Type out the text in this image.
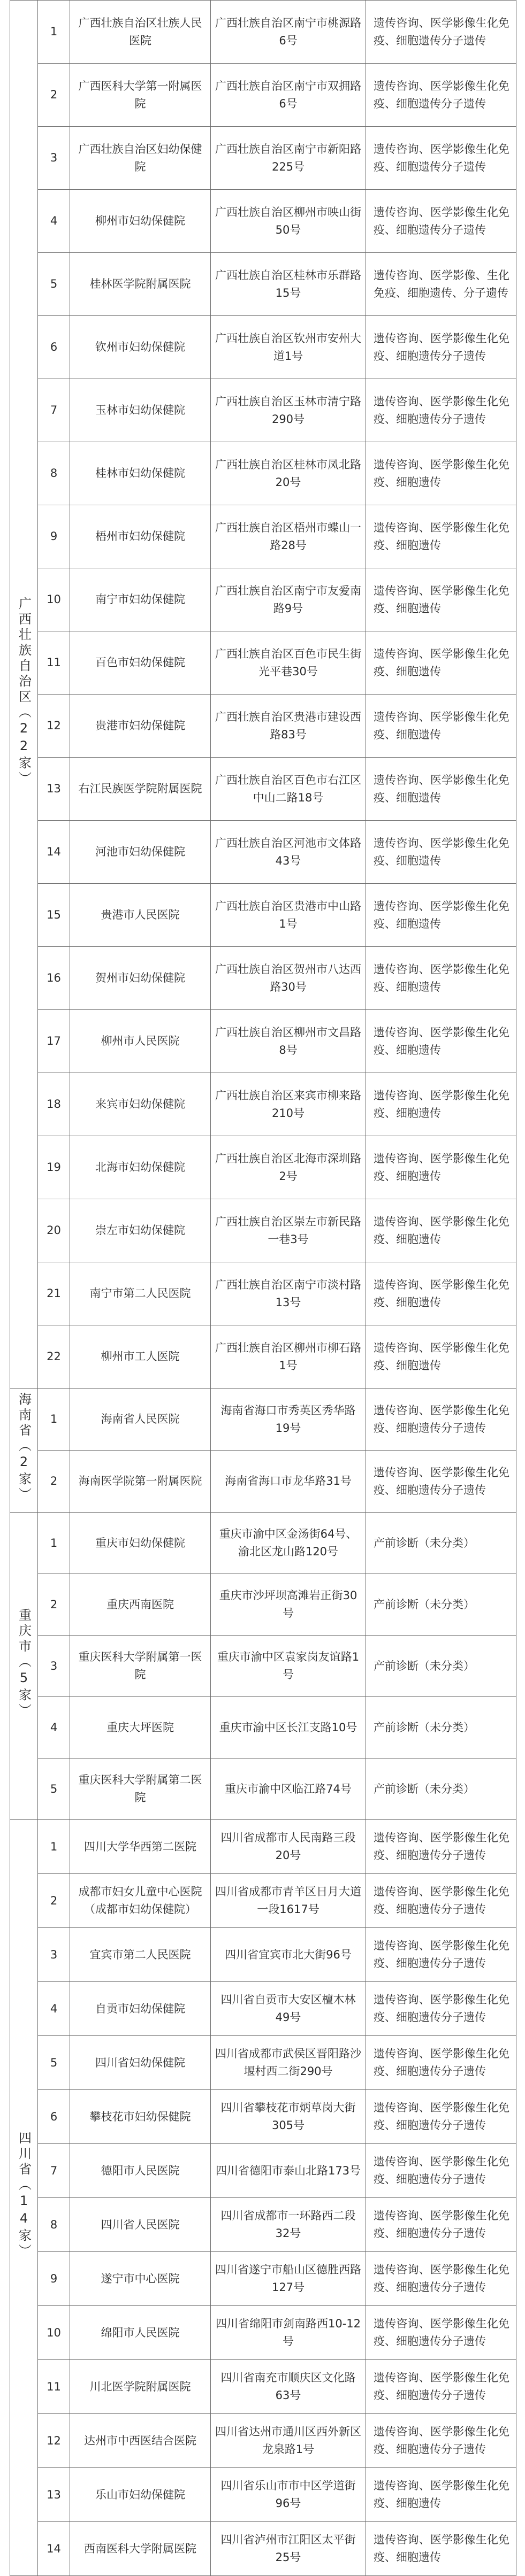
广西壮族自治区（22家）	1	广西壮族自治区壮族人民医院	广西壮族自治区南宁市桃源路6号	遗传咨询、医学影像生化免疫、细胞遗传分子遗传
	2	广西医科大学第一附属医院	广西壮族自治区南宁市双拥路6号	遗传咨询、医学影像生化免疫、细胞遗传分子遗传
	3	广西壮族自治区妇幼保健院	广西壮族自治区南宁市新阳路225号	遗传咨询、医学影像生化免疫、细胞遗传分子遗传
	4	柳州市妇幼保健院	广西壮族自治区柳州市映山街50号	遗传咨询、医学影像生化免疫、细胞遗传分子遗传
	5	桂林医学院附属医院	广西壮族自治区桂林市乐群路15号	遗传咨询、医学影像、生化免疫、细胞遗传、分子遗传
	6	钦州市妇幼保健院	广西壮族自治区钦州市安州大道1号	遗传咨询、医学影像生化免疫、细胞遗传分子遗传
	7	玉林市妇幼保健院	广西壮族自治区玉林市清宁路290号	遗传咨询、医学影像生化免疫、细胞遗传分子遗传
	8	桂林市妇幼保健院	广西壮族自治区桂林市凤北路20号	遗传咨询、医学影像生化免疫、细胞遗传
	9	梧州市妇幼保健院	广西壮族自治区梧州市蝶山一路28号	遗传咨询、医学影像生化免疫、细胞遗传
	10	南宁市妇幼保健院	广西壮族自治区南宁市友爱南路9号	遗传咨询、医学影像生化免疫、细胞遗传
	11	百色市妇幼保健院	广西壮族自治区百色市民生街光平巷30号	遗传咨询、医学影像生化免疫、细胞遗传
	12	贵港市妇幼保健院	广西壮族自治区贵港市建设西路83号	遗传咨询、医学影像生化免疫、细胞遗传
	13	右江民族医学院附属医院	广西壮族自治区百色市右江区中山二路18号	遗传咨询、医学影像生化免疫、细胞遗传
	14	河池市妇幼保健院	广西壮族自治区河池市文体路43号	遗传咨询、医学影像生化免疫、细胞遗传
	15	贵港市人民医院	广西壮族自治区贵港市中山路1号	遗传咨询、医学影像生化免疫、细胞遗传
	16	贺州市妇幼保健院	广西壮族自治区贺州市八达西路30号	遗传咨询、医学影像生化免疫、细胞遗传
	17	柳州市人民医院	广西壮族自治区柳州市文昌路8号	遗传咨询、医学影像生化免疫、细胞遗传
	18	来宾市妇幼保健院	广西壮族自治区来宾市柳来路210号	遗传咨询、医学影像生化免疫、细胞遗传
	19	北海市妇幼保健院	广西壮族自治区北海市深圳路2号	遗传咨询、医学影像生化免疫、细胞遗传
	20	崇左市妇幼保健院	广西壮族自治区崇左市新民路一巷3号	遗传咨询、医学影像生化免疫、细胞遗传
	21	南宁市第二人民医院	广西壮族自治区南宁市淡村路13号	遗传咨询、医学影像生化免疫、细胞遗传
	22	柳州市工人医院	广西壮族自治区柳州市柳石路1号	遗传咨询、医学影像生化免疫、细胞遗传
海南省（2家）	1	海南省人民医院	海南省海口市秀英区秀华路19号	遗传咨询、医学影像生化免疫、细胞遗传分子遗传
	2	海南医学院第一附属医院	海南省海口市龙华路31号	遗传咨询、医学影像生化免疫、细胞遗传分子遗传
重庆市（5家）	1	重庆市妇幼保健院	重庆市渝中区金汤街64号、渝北区龙山路120号	产前诊断（未分类）
	2	重庆西南医院	重庆市沙坪坝高滩岩正街30号	产前诊断（未分类）
	3	重庆医科大学附属第一医院	重庆市渝中区袁家岗友谊路1号	产前诊断（未分类）
	4	重庆大坪医院	重庆市渝中区长江支路10号	产前诊断（未分类）
	5	重庆医科大学附属第二医院	重庆市渝中区临江路74号	产前诊断（未分类）
四川省（14家）	1	四川大学华西第二医院	四川省成都市人民南路三段20号	遗传咨询、医学影像生化免疫、细胞遗传分子遗传
	2	成都市妇女儿童中心医院（成都市妇幼保健院）	四川省成都市青羊区日月大道一段1617号	遗传咨询、医学影像生化免疫、细胞遗传分子遗传
	3	宜宾市第二人民医院	四川省宜宾市北大街96号	遗传咨询、医学影像生化免疫、细胞遗传分子遗传
	4	自贡市妇幼保健院	四川省自贡市大安区檀木林49号	遗传咨询、医学影像生化免疫、细胞遗传分子遗传
	5	四川省妇幼保健院	四川省成都市武侯区晋阳路沙堰村西二街290号	遗传咨询、医学影像生化免疫、细胞遗传分子遗传
	6	攀枝花市妇幼保健院	四川省攀枝花市炳草岗大街305号	遗传咨询、医学影像生化免疫、细胞遗传分子遗传
	7	德阳市人民医院	四川省德阳市泰山北路173号	遗传咨询、医学影像生化免疫、细胞遗传分子遗传
	8	四川省人民医院	四川省成都市一环路西二段32号	遗传咨询、医学影像生化免疫、细胞遗传分子遗传
	9	遂宁市中心医院	四川省遂宁市船山区德胜西路127号	遗传咨询、医学影像生化免疫、细胞遗传分子遗传
	10	绵阳市人民医院	四川省绵阳市剑南路西10-12号	遗传咨询、医学影像生化免疫、细胞遗传分子遗传
	11	川北医学院附属医院	四川省南充市顺庆区文化路63号	遗传咨询、医学影像生化免疫、细胞遗传分子遗传
	12	达州市中西医结合医院	四川省达州市通川区西外新区龙泉路1号	遗传咨询、医学影像生化免疫、细胞遗传分子遗传
	13	乐山市妇幼保健院	四川省乐山市市中区学道街96号	遗传咨询、医学影像生化免疫、细胞遗传
	14	西南医科大学附属医院	四川省泸州市江阳区太平街25号	遗传咨询、医学影像生化免疫、细胞遗传
